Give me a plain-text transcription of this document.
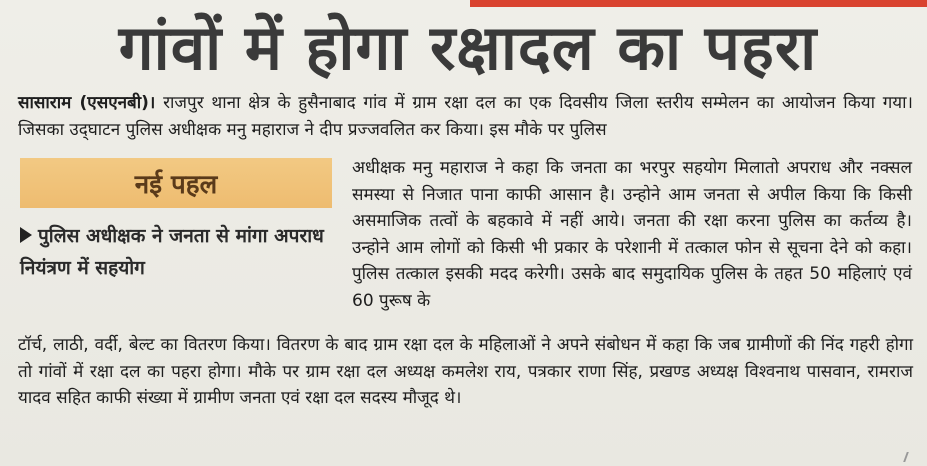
गांवों में होगा रक्षादल का पहरा

सासाराम (एसएनबी)। राजपुर थाना क्षेत्र के हुसैनाबाद गांव में ग्राम रक्षा दल का एक दिवसीय जिला स्तरीय सम्मेलन का आयोजन किया गया। जिसका उद्‌घाटन पुलिस अधीक्षक मनु महाराज ने दीप प्रज्जवलित कर किया। इस मौके पर पुलिस

नई पहल

पुलिस अधीक्षक ने जनता से मांगा अपराध नियंत्रण में सहयोग

अधीक्षक मनु महाराज ने कहा कि जनता का भरपुर सहयोग मिलातो अपराध और नक्सल समस्या से निजात पाना काफी आसान है। उन्होने आम जनता से अपील किया कि किसी असमाजिक तत्वों के बहकावे में नहीं आये। जनता की रक्षा करना पुलिस का कर्तव्य है। उन्होने आम लोगों को किसी भी प्रकार के परेशानी में तत्काल फोन से सूचना देने को कहा। पुलिस तत्काल इसकी मदद करेगी। उसके बाद समुदायिक पुलिस के तहत 50 महिलाएं एवं 60 पुरूष के

टॉर्च, लाठी, वर्दी, बेल्ट का वितरण किया। वितरण के बाद ग्राम रक्षा दल के महिलाओं ने अपने संबोधन में कहा कि जब ग्रामीणों की निंद गहरी होगा तो गांवों में रक्षा दल का पहरा होगा। मौके पर ग्राम रक्षा दल अध्यक्ष कमलेश राय, पत्रकार राणा सिंह, प्रखण्ड अध्यक्ष विश्वनाथ पासवान, रामराज यादव सहित काफी संख्या में ग्रामीण जनता एवं रक्षा दल सदस्य मौजूद थे।
